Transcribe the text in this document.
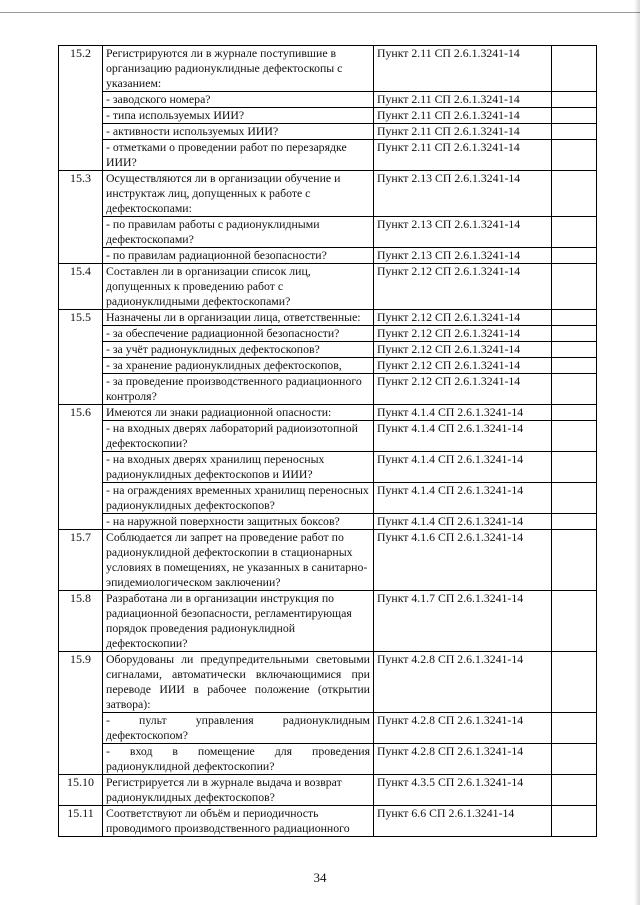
15.2	Регистрируются ли в журнале поступившие в организацию радионуклидные дефектоскопы с указанием:	Пункт 2.11 СП 2.6.1.3241-14	
	- заводского номера?	Пункт 2.11 СП 2.6.1.3241-14	
	- типа используемых ИИИ?	Пункт 2.11 СП 2.6.1.3241-14	
	- активности используемых ИИИ?	Пункт 2.11 СП 2.6.1.3241-14	
	- отметками о проведении работ по перезарядке ИИИ?	Пункт 2.11 СП 2.6.1.3241-14	
15.3	Осуществляются ли в организации обучение и инструктаж лиц, допущенных к работе с дефектоскопами:	Пункт 2.13 СП 2.6.1.3241-14	
	- по правилам работы с радионуклидными дефектоскопами?	Пункт 2.13 СП 2.6.1.3241-14	
	- по правилам радиационной безопасности?	Пункт 2.13 СП 2.6.1.3241-14	
15.4	Составлен ли в организации список лиц, допущенных к проведению работ с радионуклидными дефектоскопами?	Пункт 2.12 СП 2.6.1.3241-14	
15.5	Назначены ли в организации лица, ответственные:	Пункт 2.12 СП 2.6.1.3241-14	
	- за обеспечение радиационной безопасности?	Пункт 2.12 СП 2.6.1.3241-14	
	- за учёт радионуклидных дефектоскопов?	Пункт 2.12 СП 2.6.1.3241-14	
	- за хранение радионуклидных дефектоскопов,	Пункт 2.12 СП 2.6.1.3241-14	
	- за проведение производственного радиационного контроля?	Пункт 2.12 СП 2.6.1.3241-14	
15.6	Имеются ли знаки радиационной опасности:	Пункт 4.1.4 СП 2.6.1.3241-14	
	- на входных дверях лабораторий радиоизотопной дефектоскопии?	Пункт 4.1.4 СП 2.6.1.3241-14	
	- на входных дверях хранилищ переносных радионуклидных дефектоскопов и ИИИ?	Пункт 4.1.4 СП 2.6.1.3241-14	
	- на ограждениях временных хранилищ переносных радионуклидных дефектоскопов?	Пункт 4.1.4 СП 2.6.1.3241-14	
	- на наружной поверхности защитных боксов?	Пункт 4.1.4 СП 2.6.1.3241-14	
15.7	Соблюдается ли запрет на проведение работ по радионуклидной дефектоскопии в стационарных условиях в помещениях, не указанных в санитарно-эпидемиологическом заключении?	Пункт 4.1.6 СП 2.6.1.3241-14	
15.8	Разработана ли в организации инструкция по радиационной безопасности, регламентирующая порядок проведения радионуклидной дефектоскопии?	Пункт 4.1.7 СП 2.6.1.3241-14	
15.9	Оборудованы ли предупредительными световыми сигналами, автоматически включающимися при переводе ИИИ в рабочее положение (открытии затвора):	Пункт 4.2.8 СП 2.6.1.3241-14	
	- пульт управления радионуклидным дефектоскопом?	Пункт 4.2.8 СП 2.6.1.3241-14	
	- вход в помещение для проведения радионуклидной дефектоскопии?	Пункт 4.2.8 СП 2.6.1.3241-14	
15.10	Регистрируется ли в журнале выдача и возврат радионуклидных дефектоскопов?	Пункт 4.3.5 СП 2.6.1.3241-14	
15.11	Соответствуют ли объём и периодичность проводимого производственного радиационного	Пункт 6.6 СП 2.6.1.3241-14	
34
